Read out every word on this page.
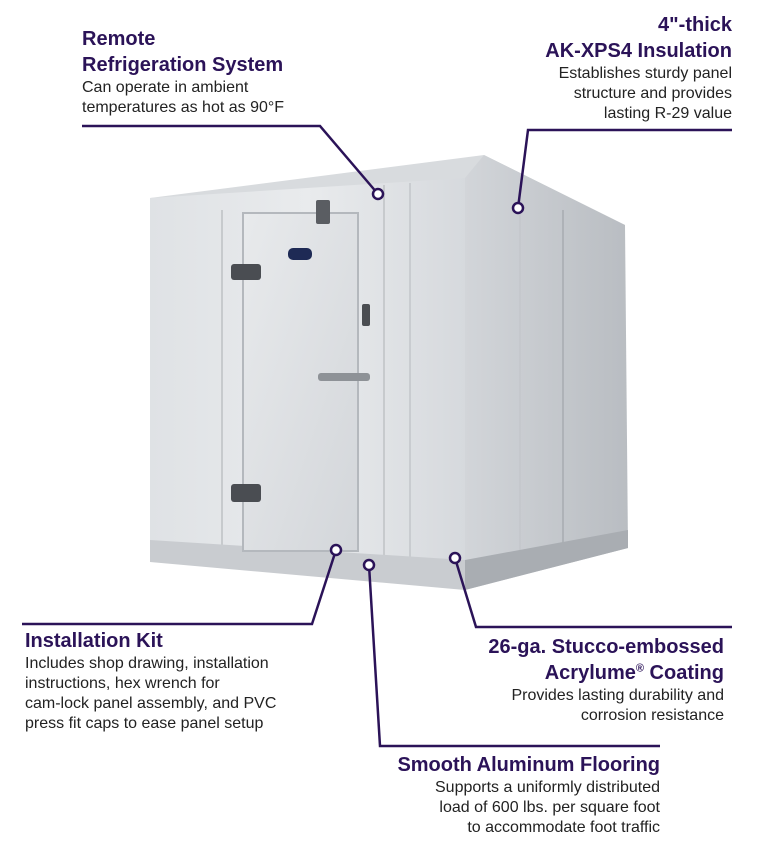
Remote
Refrigeration System
Can operate in ambient
temperatures as hot as 90°F
4"-thick
AK-XPS4 Insulation
Establishes sturdy panel
structure and provides
lasting R-29 value
Installation Kit
Includes shop drawing, installation
instructions, hex wrench for
cam-lock panel assembly, and PVC
press fit caps to ease panel setup
26-ga. Stucco-embossed
Acrylume® Coating
Provides lasting durability and
corrosion resistance
Smooth Aluminum Flooring
Supports a uniformly distributed
load of 600 lbs. per square foot
to accommodate foot traffic
